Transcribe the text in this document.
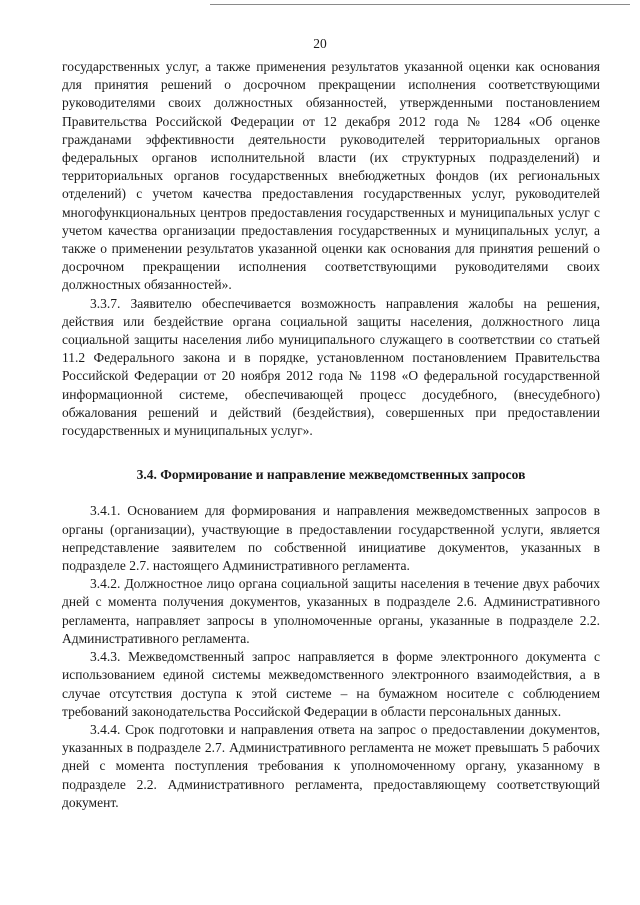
20

государственных услуг, а также применения результатов указанной оценки как основания для принятия решений о досрочном прекращении исполнения соответствующими руководителями своих должностных обязанностей, утвержденными постановлением Правительства Российской Федерации от 12 декабря 2012 года № 1284 «Об оценке гражданами эффективности деятельности руководителей территориальных органов федеральных органов исполнительной власти (их структурных подразделений) и территориальных органов государственных внебюджетных фондов (их региональных отделений) с учетом качества предоставления государственных услуг, руководителей многофункциональных центров предоставления государственных и муниципальных услуг с учетом качества организации предоставления государственных и муниципальных услуг, а также о применении результатов указанной оценки как основания для принятия решений о досрочном прекращении исполнения соответствующими руководителями своих должностных обязанностей».

3.3.7. Заявителю обеспечивается возможность направления жалобы на решения, действия или бездействие органа социальной защиты населения, должностного лица социальной защиты населения либо муниципального служащего в соответствии со статьей 11.2 Федерального закона и в порядке, установленном постановлением Правительства Российской Федерации от 20 ноября 2012 года № 1198 «О федеральной государственной информационной системе, обеспечивающей процесс досудебного, (внесудебного) обжалования решений и действий (бездействия), совершенных при предоставлении государственных и муниципальных услуг».

3.4. Формирование и направление межведомственных запросов

3.4.1. Основанием для формирования и направления межведомственных запросов в органы (организации), участвующие в предоставлении государственной услуги, является непредставление заявителем по собственной инициативе документов, указанных в подразделе 2.7. настоящего Административного регламента.

3.4.2. Должностное лицо органа социальной защиты населения в течение двух рабочих дней с момента получения документов, указанных в подразделе 2.6. Административного регламента, направляет запросы в уполномоченные органы, указанные в подразделе 2.2. Административного регламента.

3.4.3. Межведомственный запрос направляется в форме электронного документа с использованием единой системы межведомственного электронного взаимодействия, а в случае отсутствия доступа к этой системе – на бумажном носителе с соблюдением требований законодательства Российской Федерации в области персональных данных.

3.4.4. Срок подготовки и направления ответа на запрос о предоставлении документов, указанных в подразделе 2.7. Административного регламента не может превышать 5 рабочих дней с момента поступления требования к уполномоченному органу, указанному в подразделе 2.2. Административного регламента, предоставляющему соответствующий документ.
